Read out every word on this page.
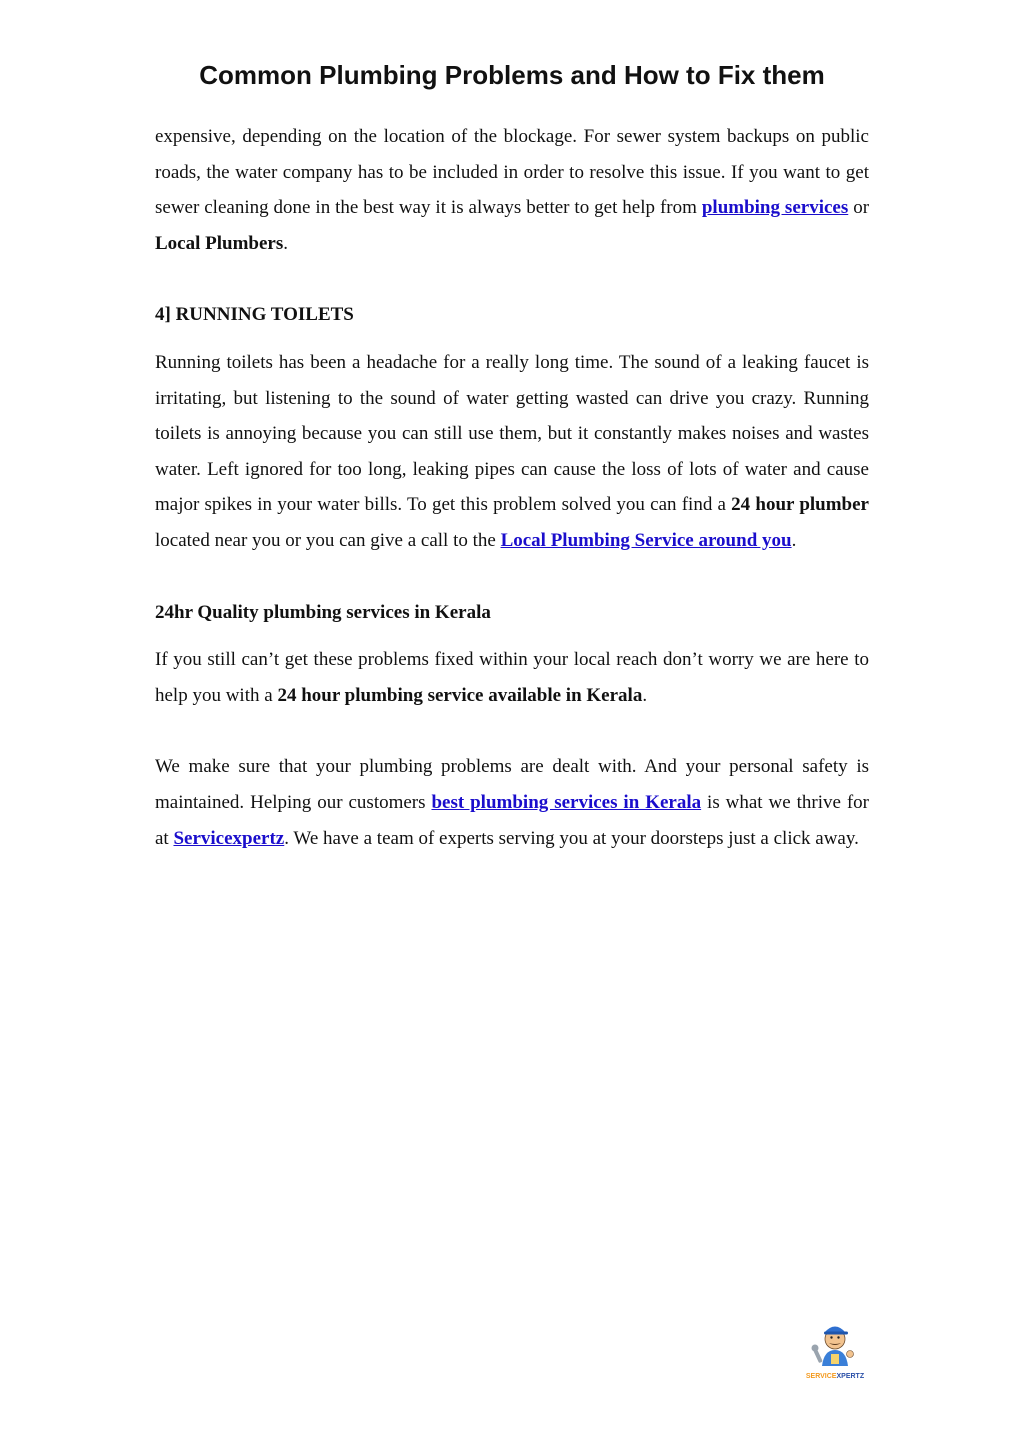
Common Plumbing Problems and How to Fix them

expensive, depending on the location of the blockage. For sewer system backups on public roads, the water company has to be included in order to resolve this issue. If you want to get sewer cleaning done in the best way it is always better to get help from plumbing services or Local Plumbers.

4] RUNNING TOILETS

Running toilets has been a headache for a really long time. The sound of a leaking faucet is irritating, but listening to the sound of water getting wasted can drive you crazy. Running toilets is annoying because you can still use them, but it constantly makes noises and wastes water. Left ignored for too long, leaking pipes can cause the loss of lots of water and cause major spikes in your water bills. To get this problem solved you can find a 24 hour plumber located near you or you can give a call to the Local Plumbing Service around you.

24hr Quality plumbing services in Kerala

If you still can’t get these problems fixed within your local reach don’t worry we are here to help you with a 24 hour plumbing service available in Kerala.

We make sure that your plumbing problems are dealt with. And your personal safety is maintained. Helping our customers best plumbing services in Kerala is what we thrive for at Servicexpertz. We have a team of experts serving you at your doorsteps just a click away.

SERVICEXPERTZ
